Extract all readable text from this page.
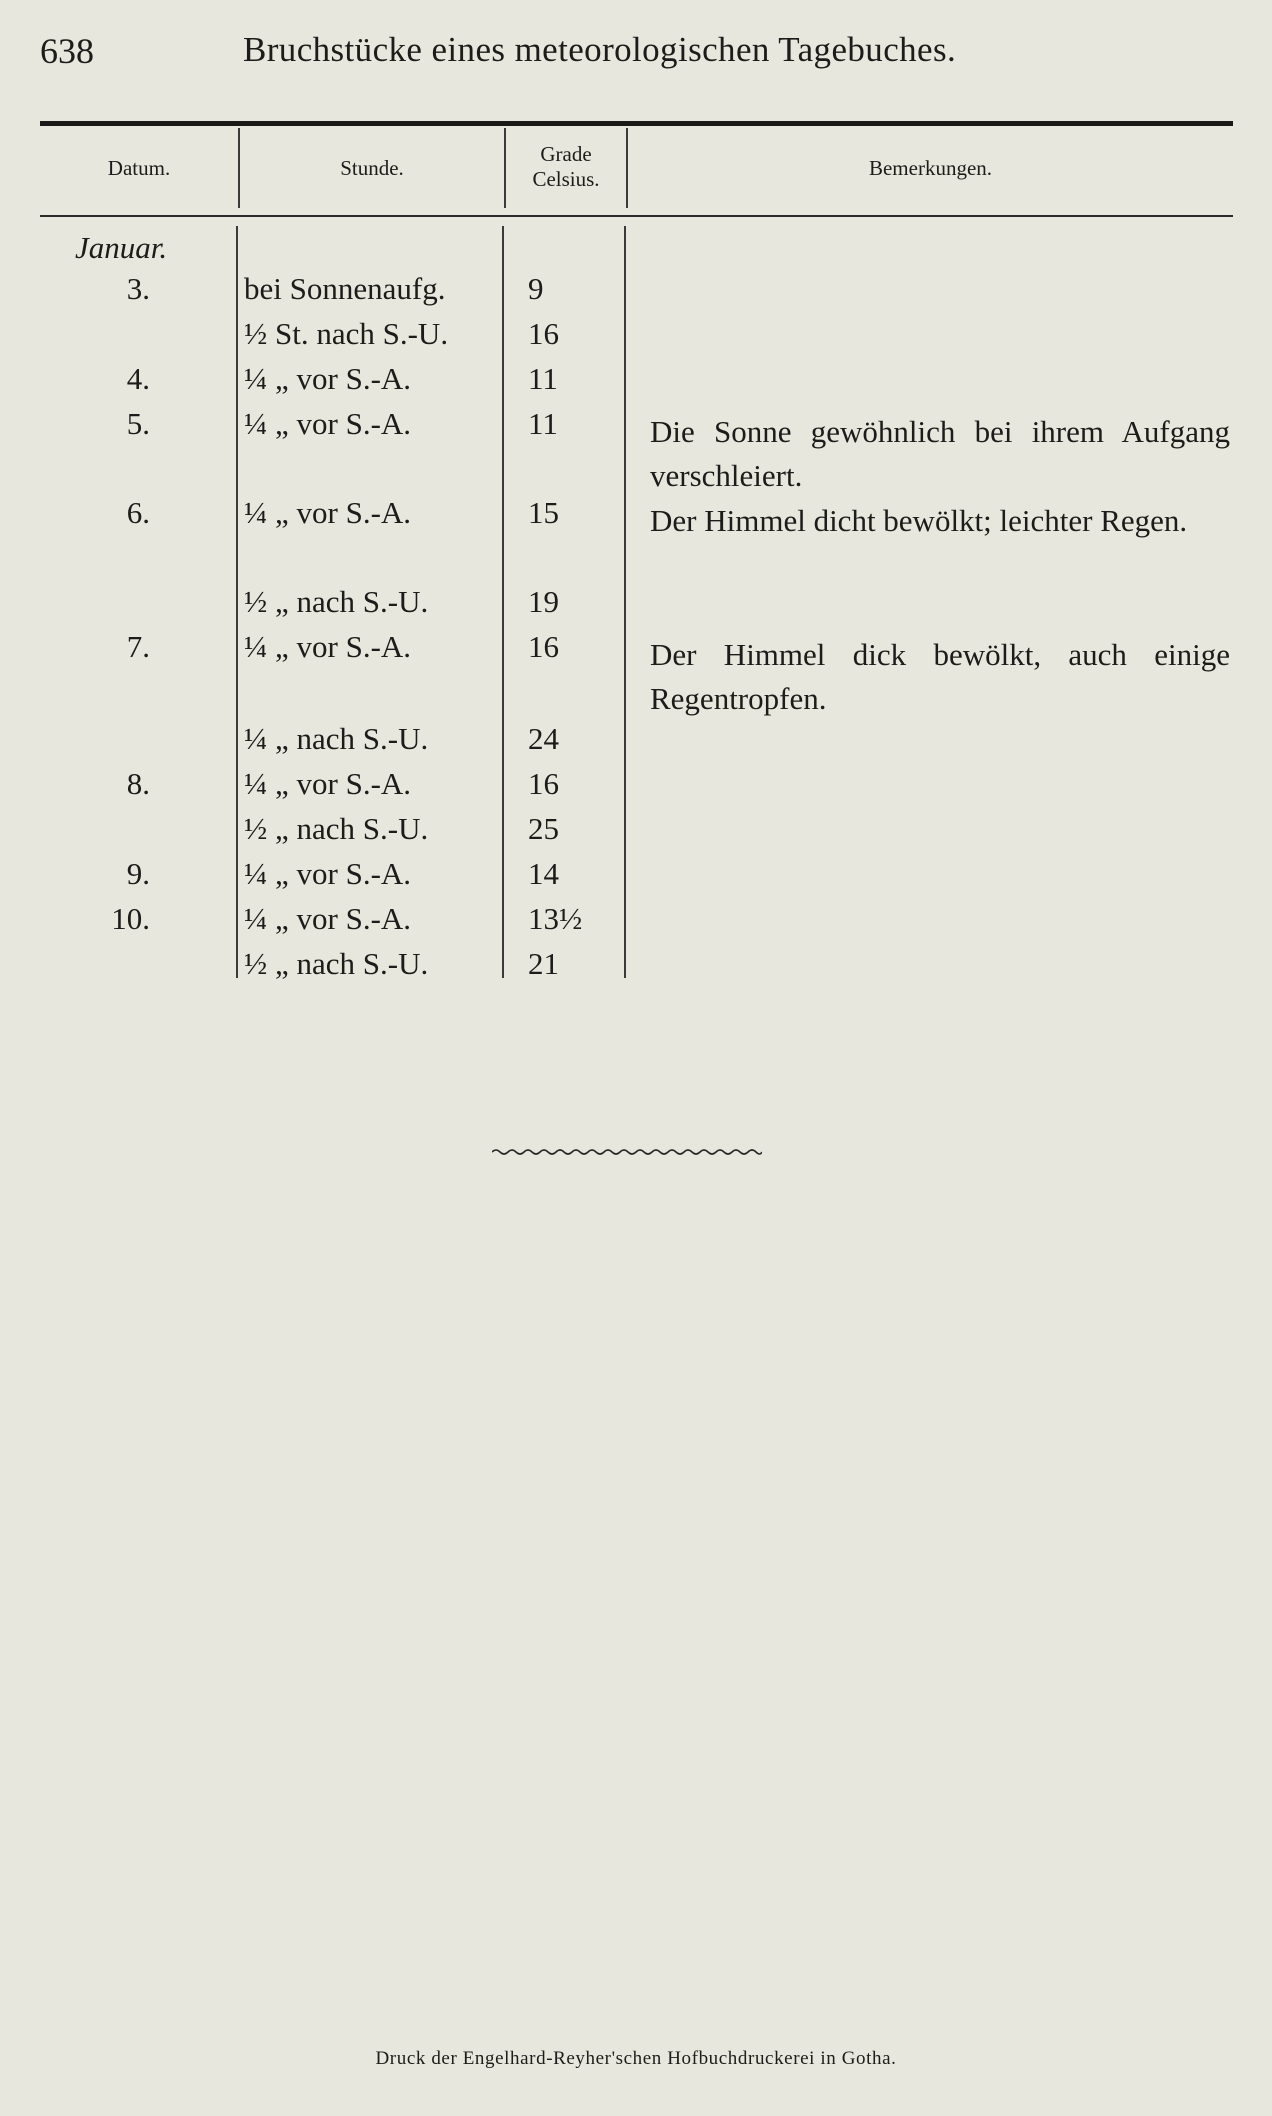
638	Bruchstücke eines meteorologischen Tagebuches.
Datum.	Stunde.
Grade
Celsius.	Bemerkungen.
Januar.
3.	bei Sonnenaufg.	9
½ St. nach S.-U.	16
4.	¼ „ vor S.-A.	11
5.	¼ „ vor S.-A.	11	Die Sonne gewöhnlich bei ihrem Aufgang verschleiert.
6.	¼ „ vor S.-A.	15	Der Himmel dicht bewölkt; leichter Regen.
½ „ nach S.-U.	19
7.	¼ „ vor S.-A.	16	Der Himmel dick bewölkt, auch einige Regentropfen.
¼ „ nach S.-U.	24
8.	¼ „ vor S.-A.	16
½ „ nach S.-U.	25
9.	¼ „ vor S.-A.	14
10.	¼ „ vor S.-A.	13½
½ „ nach S.-U.	21
Druck der Engelhard-Reyher'schen Hofbuchdruckerei in Gotha.
